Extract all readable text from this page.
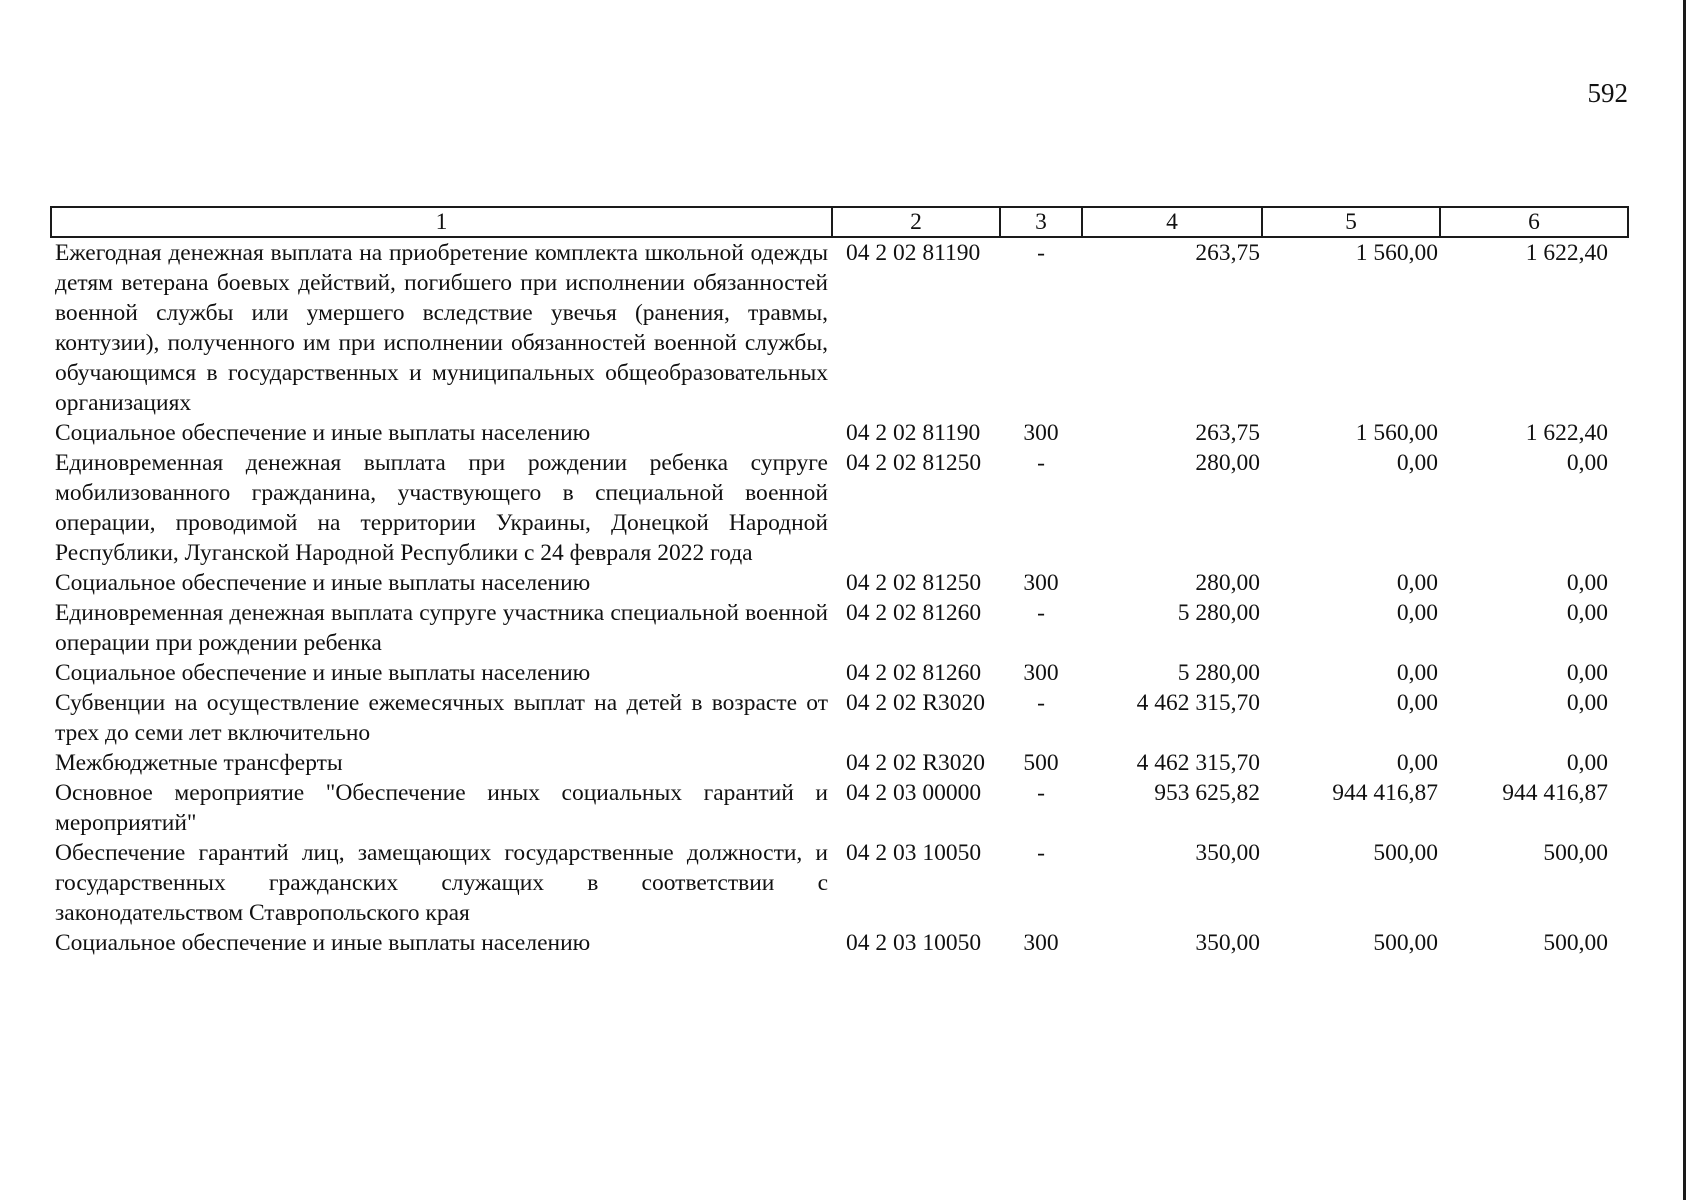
592
1	2	3	4	5	6
Ежегодная денежная выплата на приобретение комплекта школьной одежды детям ветерана боевых действий, погибшего при исполнении обязанностей военной службы или умершего вследствие увечья (ранения, травмы, контузии), полученного им при исполнении обязанностей военной службы, обучающимся в государственных и муниципальных общеобразовательных организациях	04 2 02 81190	-	263,75	1 560,00	1 622,40
Социальное обеспечение и иные выплаты населению	04 2 02 81190	300	263,75	1 560,00	1 622,40
Единовременная денежная выплата при рождении ребенка супруге мобилизованного гражданина, участвующего в специальной военной операции, проводимой на территории Украины, Донецкой Народной Республики, Луганской Народной Республики с 24 февраля 2022 года	04 2 02 81250	-	280,00	0,00	0,00
Социальное обеспечение и иные выплаты населению	04 2 02 81250	300	280,00	0,00	0,00
Единовременная денежная выплата супруге участника специальной военной операции при рождении ребенка	04 2 02 81260	-	5 280,00	0,00	0,00
Социальное обеспечение и иные выплаты населению	04 2 02 81260	300	5 280,00	0,00	0,00
Субвенции на осуществление ежемесячных выплат на детей в возрасте от трех до семи лет включительно	04 2 02 R3020	-	4 462 315,70	0,00	0,00
Межбюджетные трансферты	04 2 02 R3020	500	4 462 315,70	0,00	0,00
Основное мероприятие "Обеспечение иных социальных гарантий и мероприятий"	04 2 03 00000	-	953 625,82	944 416,87	944 416,87
Обеспечение гарантий лиц, замещающих государственные должности, и государственных гражданских служащих в соответствии с законодательством Ставропольского края	04 2 03 10050	-	350,00	500,00	500,00
Социальное обеспечение и иные выплаты населению	04 2 03 10050	300	350,00	500,00	500,00
